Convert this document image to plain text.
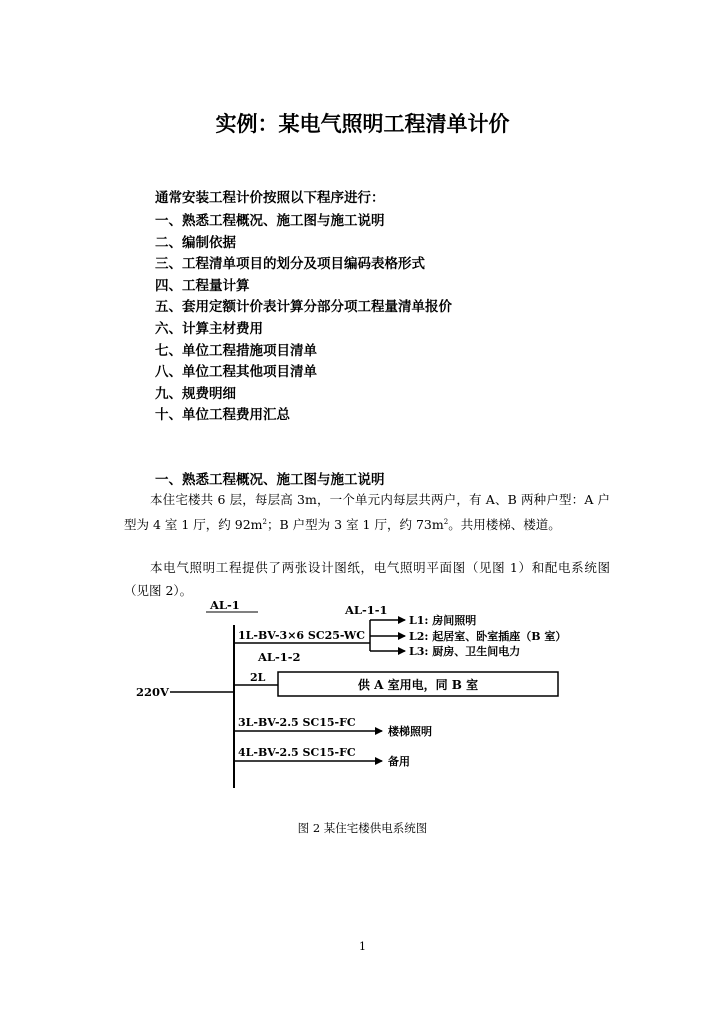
实例：某电气照明工程清单计价
通常安装工程计价按照以下程序进行：
一、熟悉工程概况、施工图与施工说明
二、编制依据
三、工程清单项目的划分及项目编码表格形式
四、工程量计算
五、套用定额计价表计算分部分项工程量清单报价
六、计算主材费用
七、单位工程措施项目清单
八、单位工程其他项目清单
九、规费明细
十、单位工程费用汇总
一、熟悉工程概况、施工图与施工说明

本住宅楼共 6 层，每层高 3m，一个单元内每层共两户，有 A、B 两种户型：A 户型为 4 室 1 厅，约 $92m^2$；B 户型为 3 室 1 厅，约 $73m^2$。共用楼梯、楼道。

本电气照明工程提供了两张设计图纸，电气照明平面图（见图 1）和配电系统图（见图 2）。

AL-1
220V
AL-1-1
1L-BV-3×6 SC25-WC
L1: 房间照明
L2: 起居室、卧室插座（B 室）
L3: 厨房、卫生间电力
AL-1-2
2L
供 A 室用电，同 B 室
3L-BV-2.5 SC15-FC
楼梯照明
4L-BV-2.5 SC15-FC
备用
图 2 某住宅楼供电系统图
1
